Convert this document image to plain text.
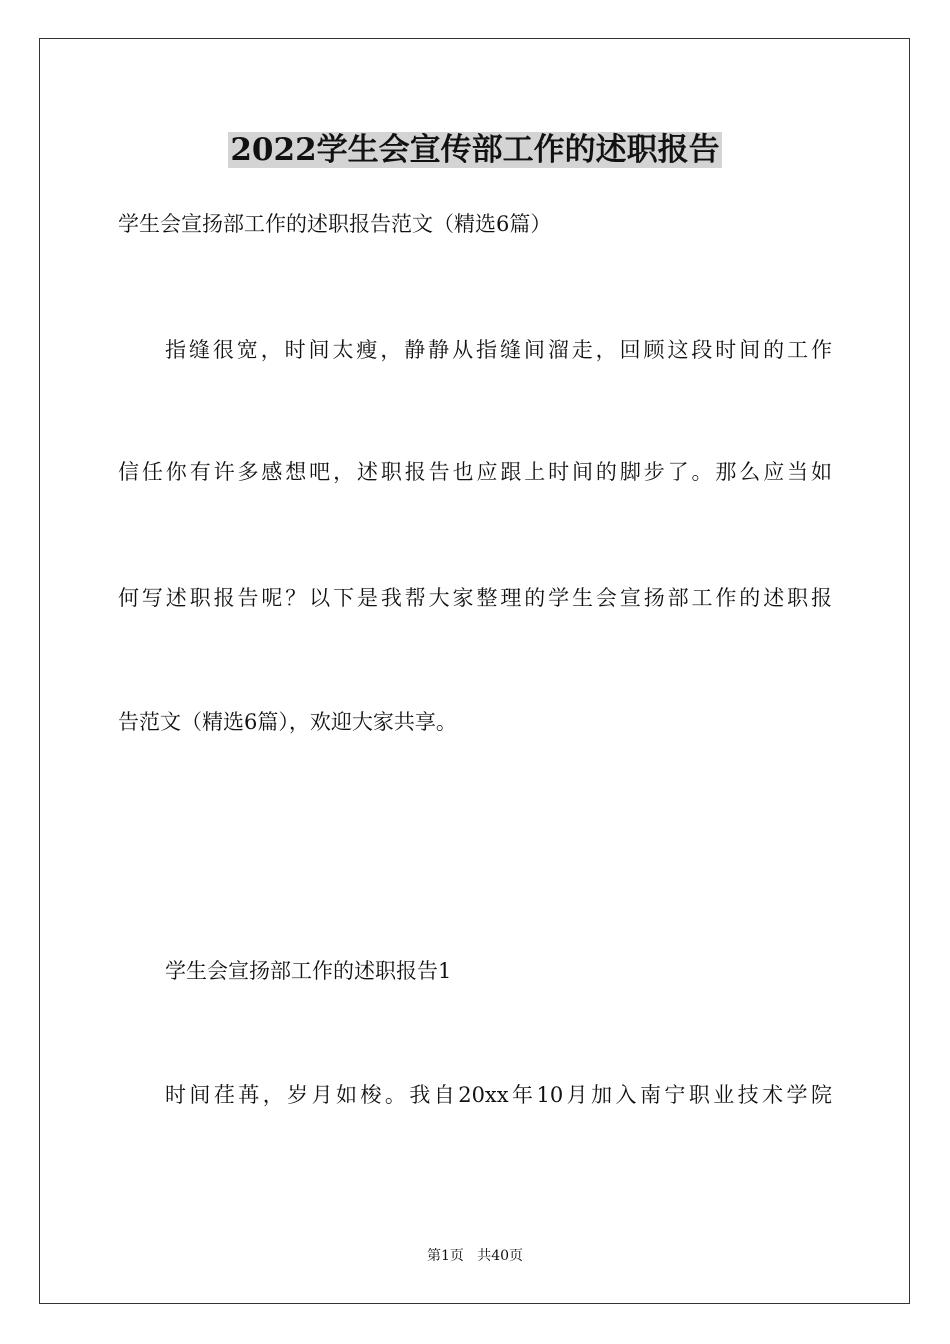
2022学生会宣传部工作的述职报告
学生会宣扬部工作的述职报告范文（精选6篇）
指缝很宽，时间太瘦，静静从指缝间溜走，回顾这段时间的工作
信任你有许多感想吧，述职报告也应跟上时间的脚步了。那么应当如
何写述职报告呢？以下是我帮大家整理的学生会宣扬部工作的述职报
告范文（精选6篇），欢迎大家共享。
学生会宣扬部工作的述职报告1
时间荏苒，岁月如梭。我自20xx年10月加入南宁职业技术学院
第1页   共40页
